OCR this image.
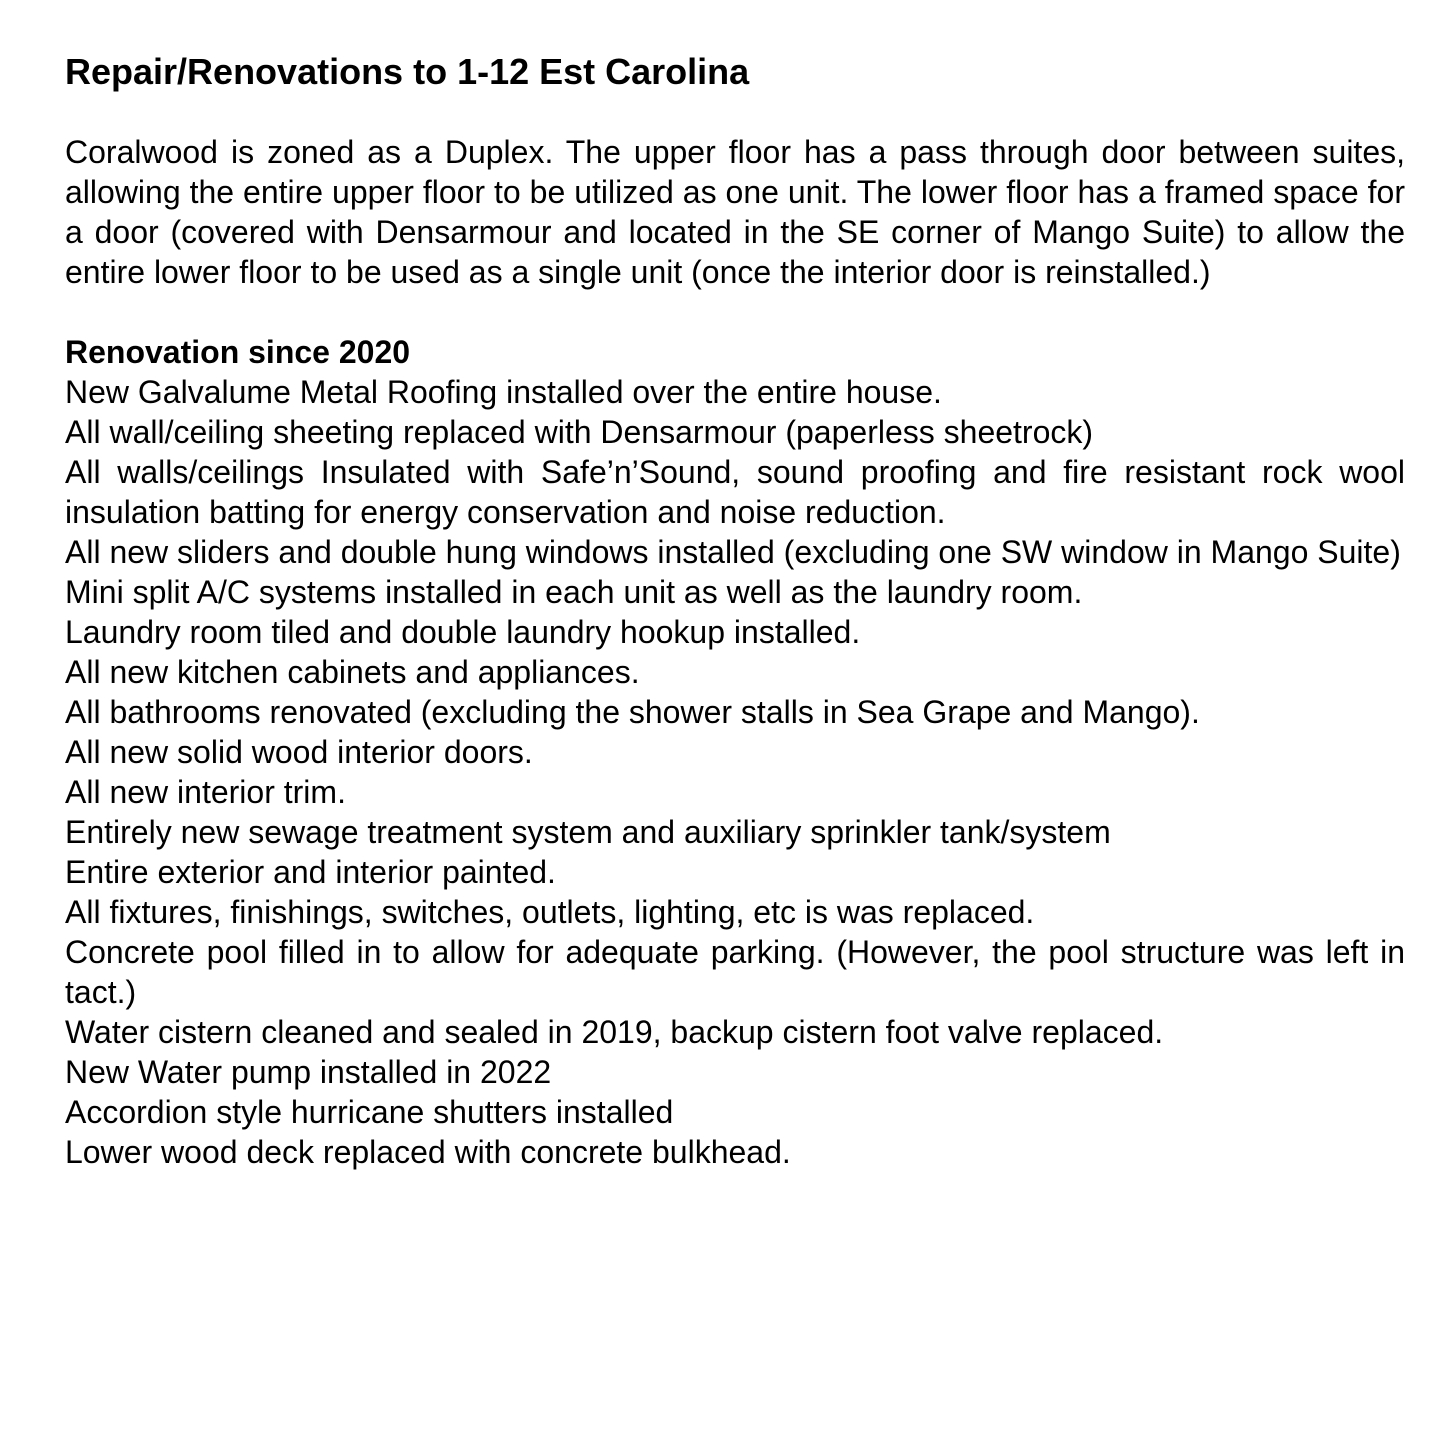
Repair/Renovations to 1-12 Est Carolina

Coralwood is zoned as a Duplex. The upper floor has a pass through door between suites, allowing the entire upper floor to be utilized as one unit. The lower floor has a framed space for a door (covered with Densarmour and located in the SE corner of Mango Suite) to allow the entire lower floor to be used as a single unit (once the interior door is reinstalled.)

Renovation since 2020

New Galvalume Metal Roofing installed over the entire house.

All wall/ceiling sheeting replaced with Densarmour (paperless sheetrock)

All walls/ceilings Insulated with Safe’n’Sound, sound proofing and fire resistant rock wool insulation batting for energy conservation and noise reduction.

All new sliders and double hung windows installed (excluding one SW window in Mango Suite)

Mini split A/C systems installed in each unit as well as the laundry room.

Laundry room tiled and double laundry hookup installed.

All new kitchen cabinets and appliances.

All bathrooms renovated (excluding the shower stalls in Sea Grape and Mango).

All new solid wood interior doors.

All new interior trim.

Entirely new sewage treatment system and auxiliary sprinkler tank/system

Entire exterior and interior painted.

All fixtures, finishings, switches, outlets, lighting, etc is was replaced.

Concrete pool filled in to allow for adequate parking. (However, the pool structure was left in tact.)

Water cistern cleaned and sealed in 2019, backup cistern foot valve replaced.

New Water pump installed in 2022

Accordion style hurricane shutters installed

Lower wood deck replaced with concrete bulkhead.
